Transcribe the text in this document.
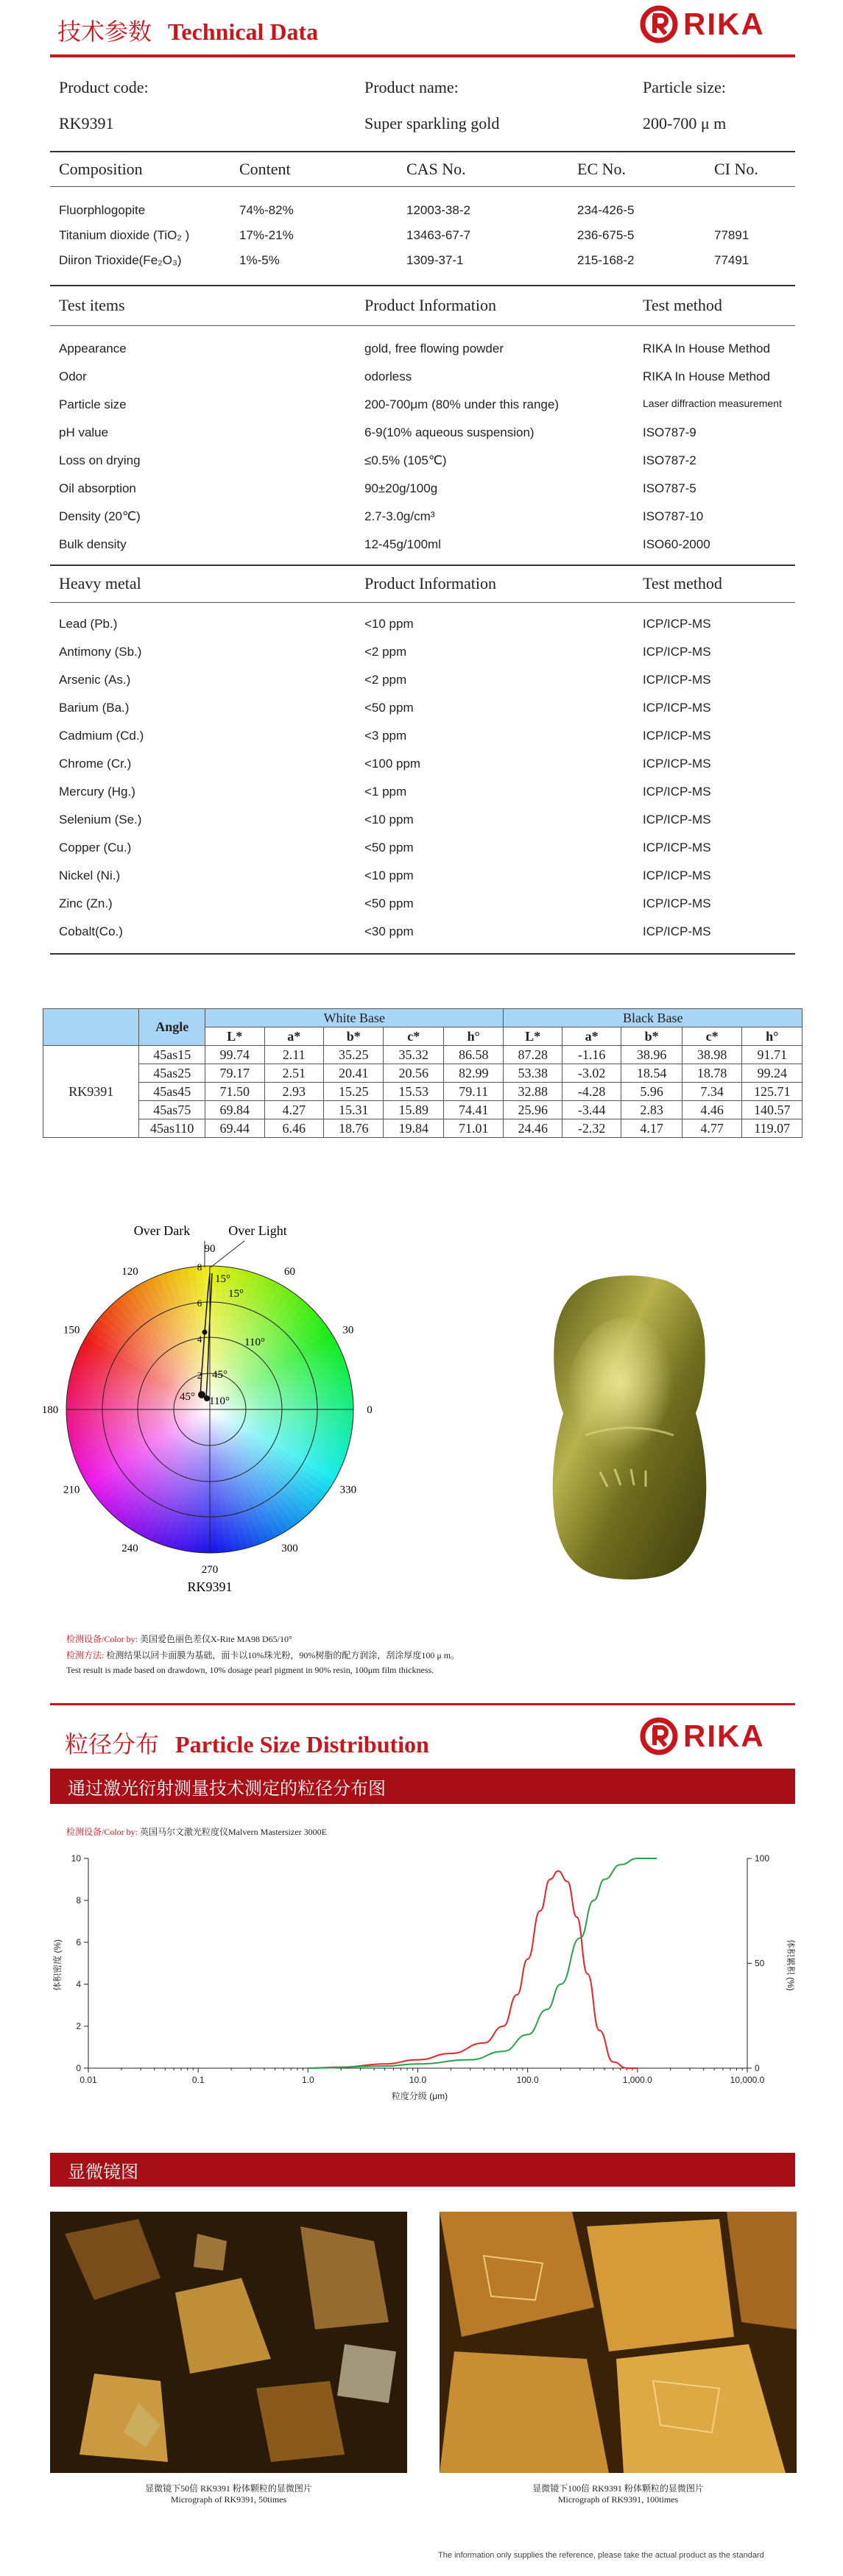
技术参数 Technical Data	RIKA
Product code:	Product name:	Particle size:
RK9391	Super sparkling gold	200-700 μ m
Composition	Content	CAS No.	EC No.	CI No.
Fluorphlogopite	74%-82%	12003-38-2	234-426-5
Titanium dioxide (TiO₂ )	17%-21%	13463-67-7	236-675-5	77891
Diiron Trioxide(Fe₂O₃)	1%-5%	1309-37-1	215-168-2	77491
Test items	Product Information	Test method
Appearance	gold, free flowing powder	RIKA In House Method
Odor	odorless	RIKA In House Method
Particle size	200-700μm (80% under this range)	Laser diffraction measurement
pH value	6-9(10% aqueous suspension)	ISO787-9
Loss on drying	≤0.5% (105℃)	ISO787-2
Oil absorption	90±20g/100g	ISO787-5
Density (20℃)	2.7-3.0g/cm³	ISO787-10
Bulk density	12-45g/100ml	ISO60-2000
Heavy metal	Product Information	Test method
Lead (Pb.)	<10 ppm	ICP/ICP-MS
Antimony (Sb.)	<2 ppm	ICP/ICP-MS
Arsenic (As.)	<2 ppm	ICP/ICP-MS
Barium (Ba.)	<50 ppm	ICP/ICP-MS
Cadmium (Cd.)	<3 ppm	ICP/ICP-MS
Chrome (Cr.)	<100 ppm	ICP/ICP-MS
Mercury (Hg.)	<1 ppm	ICP/ICP-MS
Selenium (Se.)	<10 ppm	ICP/ICP-MS
Copper (Cu.)	<50 ppm	ICP/ICP-MS
Nickel (Ni.)	<10 ppm	ICP/ICP-MS
Zinc (Zn.)	<50 ppm	ICP/ICP-MS
Cobalt(Co.)	<30 ppm	ICP/ICP-MS
	Angle	White Base					Black Base				
		L*	a*	b*	c*	h°	L*	a*	b*	c*	h°
RK9391	45as15	99.74	2.11	35.25	35.32	86.58	87.28	-1.16	38.96	38.98	91.71
	45as25	79.17	2.51	20.41	20.56	82.99	53.38	-3.02	18.54	18.78	99.24
	45as45	71.50	2.93	15.25	15.53	79.11	32.88	-4.28	5.96	7.34	125.71
	45as75	69.84	4.27	15.31	15.89	74.41	25.96	-3.44	2.83	4.46	140.57
	45as110	69.44	6.46	18.76	19.84	71.01	24.46	-2.32	4.17	4.77	119.07
90
60
30
0
330
300
270
240
210
180
150
120	8
6
4
2
Over Dark	Over Light
15°
15°
110°
45°
45° 110°
RK9391
检测设备/Color by: 美国爱色丽色差仪X-Rite MA98 D65/10°
检测方法: 检测结果以回卡面膜为基础，面卡以10%珠光粉，90%树脂的配方润涂，刮涂厚度100 μ m。
Test result is made based on drawdown, 10% dosage pearl pigment in 90% resin, 100μm film thickness.
粒径分布 Particle Size Distribution	RIKA
通过激光衍射测量技术测定的粒径分布图
检测设备/Color by: 英国马尔文激光粒度仪Malvern Mastersizer 3000E
0.01	0.1	1.0	10.0	100.0	1,000.0	10,000.0
0
2
4
6
8
10
0
50
100
体积密度 (%)	体积累积 (%)
粒度分级 (μm)
显微镜图
显微镜下50倍 RK9391 粉体颗粒的显微图片
Micrograph of RK9391, 50times
显微镜下100倍 RK9391 粉体颗粒的显微图片
Micrograph of RK9391, 100times
The information only supplies the reference, please take the actual product as the standard
